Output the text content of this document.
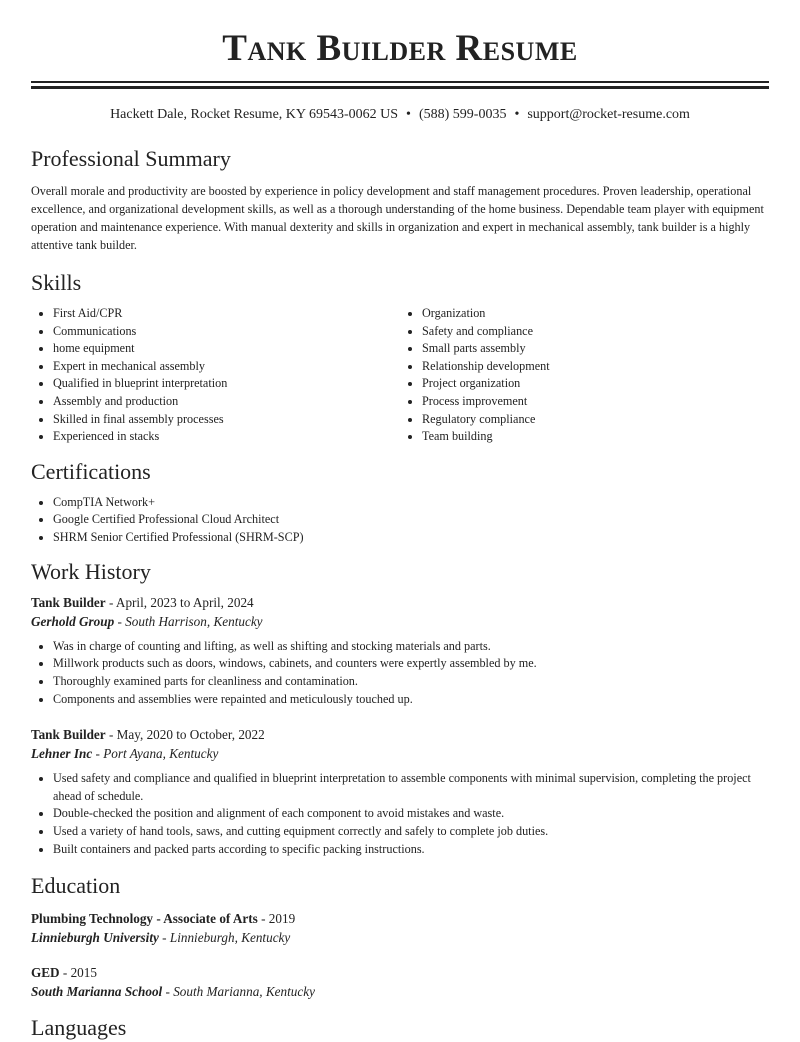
Tank Builder Resume
Hackett Dale, Rocket Resume, KY 69543-0062 US • (588) 599-0035 • support@rocket-resume.com
Professional Summary

Overall morale and productivity are boosted by experience in policy development and staff management procedures. Proven leadership, operational excellence, and organizational development skills, as well as a thorough understanding of the home business. Dependable team player with equipment operation and maintenance experience. With manual dexterity and skills in organization and expert in mechanical assembly, tank builder is a highly attentive tank builder.

Skills
• First Aid/CPR
• Communications
• home equipment
• Expert in mechanical assembly
• Qualified in blueprint interpretation
• Assembly and production
• Skilled in final assembly processes
• Experienced in stacks
• Organization
• Safety and compliance
• Small parts assembly
• Relationship development
• Project organization
• Process improvement
• Regulatory compliance
• Team building
Certifications
• CompTIA Network+
• Google Certified Professional Cloud Architect
• SHRM Senior Certified Professional (SHRM-SCP)
Work History
Tank Builder - April, 2023 to April, 2024
Gerhold Group - South Harrison, Kentucky
• Was in charge of counting and lifting, as well as shifting and stocking materials and parts.
• Millwork products such as doors, windows, cabinets, and counters were expertly assembled by me.
• Thoroughly examined parts for cleanliness and contamination.
• Components and assemblies were repainted and meticulously touched up.
Tank Builder - May, 2020 to October, 2022
Lehner Inc - Port Ayana, Kentucky
• Used safety and compliance and qualified in blueprint interpretation to assemble components with minimal supervision, completing the project ahead of schedule.
• Double-checked the position and alignment of each component to avoid mistakes and waste.
• Used a variety of hand tools, saws, and cutting equipment correctly and safely to complete job duties.
• Built containers and packed parts according to specific packing instructions.
Education
Plumbing Technology - Associate of Arts - 2019
Linnieburgh University - Linnieburgh, Kentucky
GED - 2015
South Marianna School - South Marianna, Kentucky
Languages
